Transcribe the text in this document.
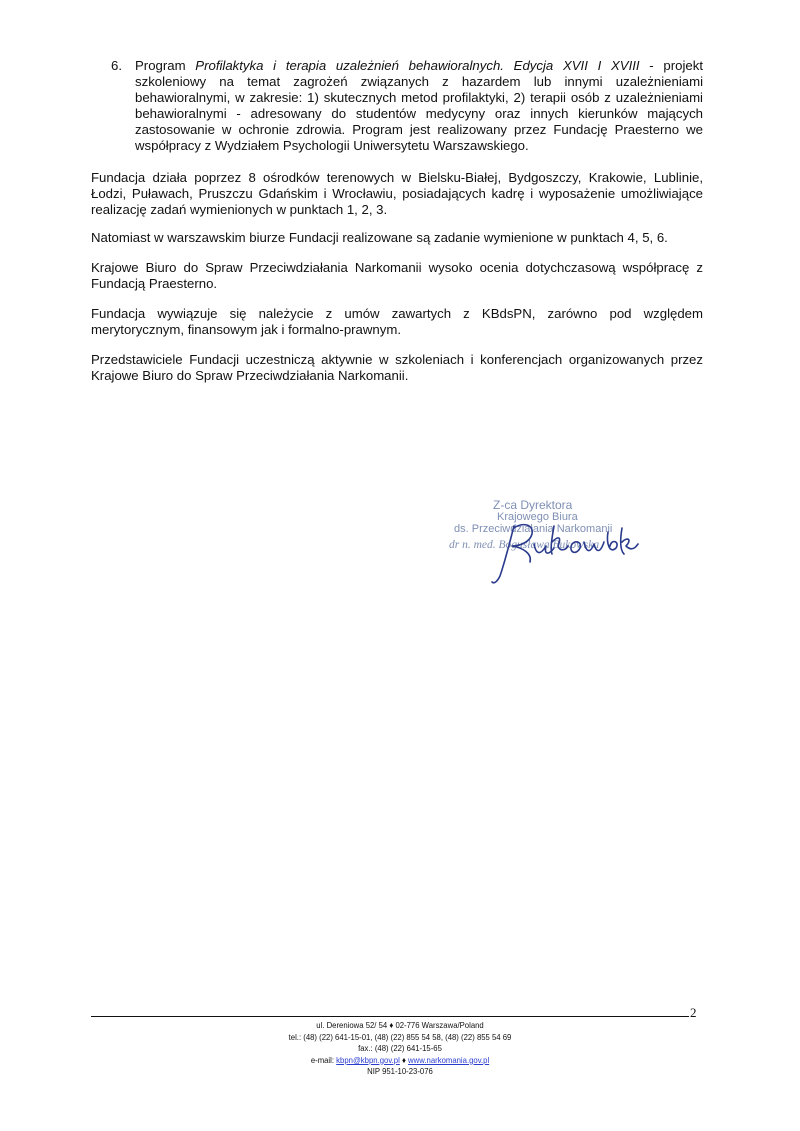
6. Program Profilaktyka i terapia uzależnień behawioralnych. Edycja XVII I XVIII - projekt szkoleniowy na temat zagrożeń związanych z hazardem lub innymi uzależnieniami behawioralnymi, w zakresie: 1) skutecznych metod profilaktyki, 2) terapii osób z uzależnieniami behawioralnymi - adresowany do studentów medycyny oraz innych kierunków mających zastosowanie w ochronie zdrowia. Program jest realizowany przez Fundację Praesterno we współpracy z Wydziałem Psychologii Uniwersytetu Warszawskiego.

Fundacja działa poprzez 8 ośrodków terenowych w Bielsku-Białej, Bydgoszczy, Krakowie, Lublinie, Łodzi, Puławach, Pruszczu Gdańskim i Wrocławiu, posiadających kadrę i wyposażenie umożliwiające realizację zadań wymienionych w punktach 1, 2, 3.

Natomiast w warszawskim biurze Fundacji realizowane są zadanie wymienione w punktach 4, 5, 6.

Krajowe Biuro do Spraw Przeciwdziałania Narkomanii wysoko ocenia dotychczasową współpracę z Fundacją Praesterno.

Fundacja wywiązuje się należycie z umów zawartych z KBdsPN, zarówno pod względem merytorycznym, finansowym jak i formalno-prawnym.

Przedstawiciele Fundacji uczestniczą aktywnie w szkoleniach i konferencjach organizowanych przez Krajowe Biuro do Spraw Przeciwdziałania Narkomanii.

Z-ca Dyrektora
Krajowego Biura
ds. Przeciwdziałania Narkomanii
dr n. med. Bogusława Bukowska
2
ul. Dereniowa 52/ 54 ♦ 02-776 Warszawa/Poland
tel.: (48) (22) 641-15-01, (48) (22) 855 54 58, (48) (22) 855 54 69
fax.: (48) (22) 641-15-65
e-mail: kbpn@kbpn.gov.pl ♦ www.narkomania.gov.pl
NIP 951-10-23-076
